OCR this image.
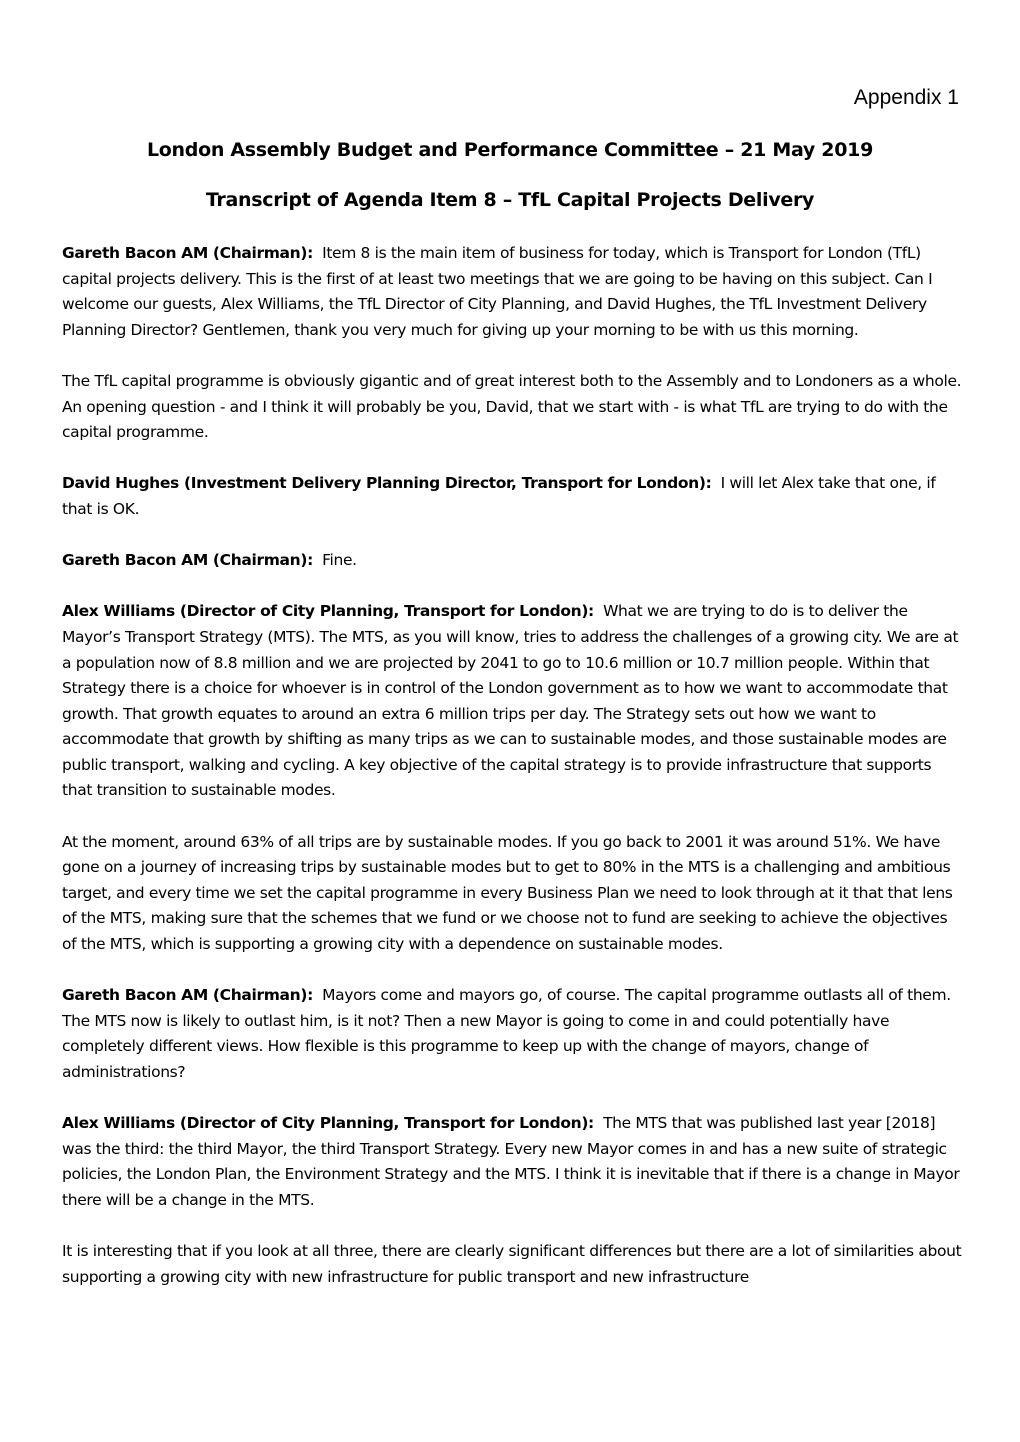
Appendix 1
London Assembly Budget and Performance Committee – 21 May 2019
Transcript of Agenda Item 8 – TfL Capital Projects Delivery

Gareth Bacon AM (Chairman): Item 8 is the main item of business for today, which is Transport for London (TfL) capital projects delivery. This is the first of at least two meetings that we are going to be having on this subject. Can I welcome our guests, Alex Williams, the TfL Director of City Planning, and David Hughes, the TfL Investment Delivery Planning Director? Gentlemen, thank you very much for giving up your morning to be with us this morning.

The TfL capital programme is obviously gigantic and of great interest both to the Assembly and to Londoners as a whole. An opening question - and I think it will probably be you, David, that we start with - is what TfL are trying to do with the capital programme.

David Hughes (Investment Delivery Planning Director, Transport for London): I will let Alex take that one, if that is OK.

Gareth Bacon AM (Chairman): Fine.

Alex Williams (Director of City Planning, Transport for London): What we are trying to do is to deliver the Mayor’s Transport Strategy (MTS). The MTS, as you will know, tries to address the challenges of a growing city. We are at a population now of 8.8 million and we are projected by 2041 to go to 10.6 million or 10.7 million people. Within that Strategy there is a choice for whoever is in control of the London government as to how we want to accommodate that growth. That growth equates to around an extra 6 million trips per day. The Strategy sets out how we want to accommodate that growth by shifting as many trips as we can to sustainable modes, and those sustainable modes are public transport, walking and cycling. A key objective of the capital strategy is to provide infrastructure that supports that transition to sustainable modes.

At the moment, around 63% of all trips are by sustainable modes. If you go back to 2001 it was around 51%. We have gone on a journey of increasing trips by sustainable modes but to get to 80% in the MTS is a challenging and ambitious target, and every time we set the capital programme in every Business Plan we need to look through at it that that lens of the MTS, making sure that the schemes that we fund or we choose not to fund are seeking to achieve the objectives of the MTS, which is supporting a growing city with a dependence on sustainable modes.

Gareth Bacon AM (Chairman): Mayors come and mayors go, of course. The capital programme outlasts all of them. The MTS now is likely to outlast him, is it not? Then a new Mayor is going to come in and could potentially have completely different views. How flexible is this programme to keep up with the change of mayors, change of administrations?

Alex Williams (Director of City Planning, Transport for London): The MTS that was published last year [2018] was the third: the third Mayor, the third Transport Strategy. Every new Mayor comes in and has a new suite of strategic policies, the London Plan, the Environment Strategy and the MTS. I think it is inevitable that if there is a change in Mayor there will be a change in the MTS.

It is interesting that if you look at all three, there are clearly significant differences but there are a lot of similarities about supporting a growing city with new infrastructure for public transport and new infrastructure
